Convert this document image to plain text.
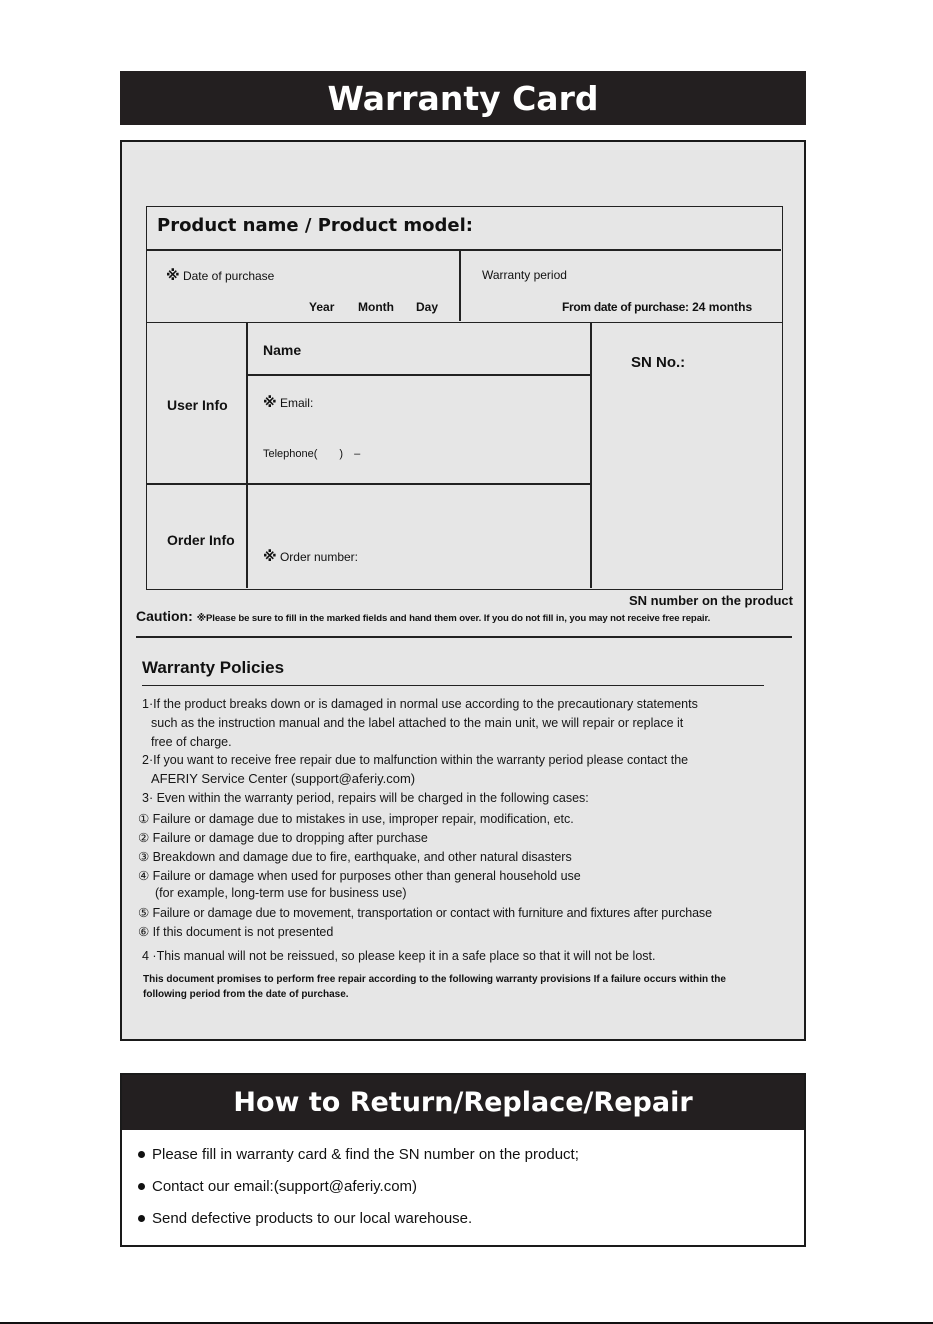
Warranty Card
Product name / Product model:
※ Date of purchase
Year Month Day
Warranty period
From date of purchase: 24 months
User Info
Name
※ Email:
Telephone(　　)　–
Order Info
※ Order number:
SN No.:
SN number on the product
Caution: ※Please be sure to fill in the marked fields and hand them over. If you do not fill in, you may not receive free repair.
Warranty Policies
1·If the product breaks down or is damaged in normal use according to the precautionary statements
such as the instruction manual and the label attached to the main unit, we will repair or replace it
free of charge.
2·If you want to receive free repair due to malfunction within the warranty period please contact the
AFERIY Service Center (support@aferiy.com)
3· Even within the warranty period, repairs will be charged in the following cases:
① Failure or damage due to mistakes in use, improper repair, modification, etc.
② Failure or damage due to dropping after purchase
③ Breakdown and damage due to fire, earthquake, and other natural disasters
④ Failure or damage when used for purposes other than general household use
(for example, long-term use for business use)
⑤ Failure or damage due to movement, transportation or contact with furniture and fixtures after purchase
⑥ If this document is not presented
4 ·This manual will not be reissued, so please keep it in a safe place so that it will not be lost.
This document promises to perform free repair according to the following warranty provisions If a failure occurs within the
following period from the date of purchase.
How to Return/Replace/Repair
Please fill in warranty card & find the SN number on the product;
Contact our email:(support@aferiy.com)
Send defective products to our local warehouse.
